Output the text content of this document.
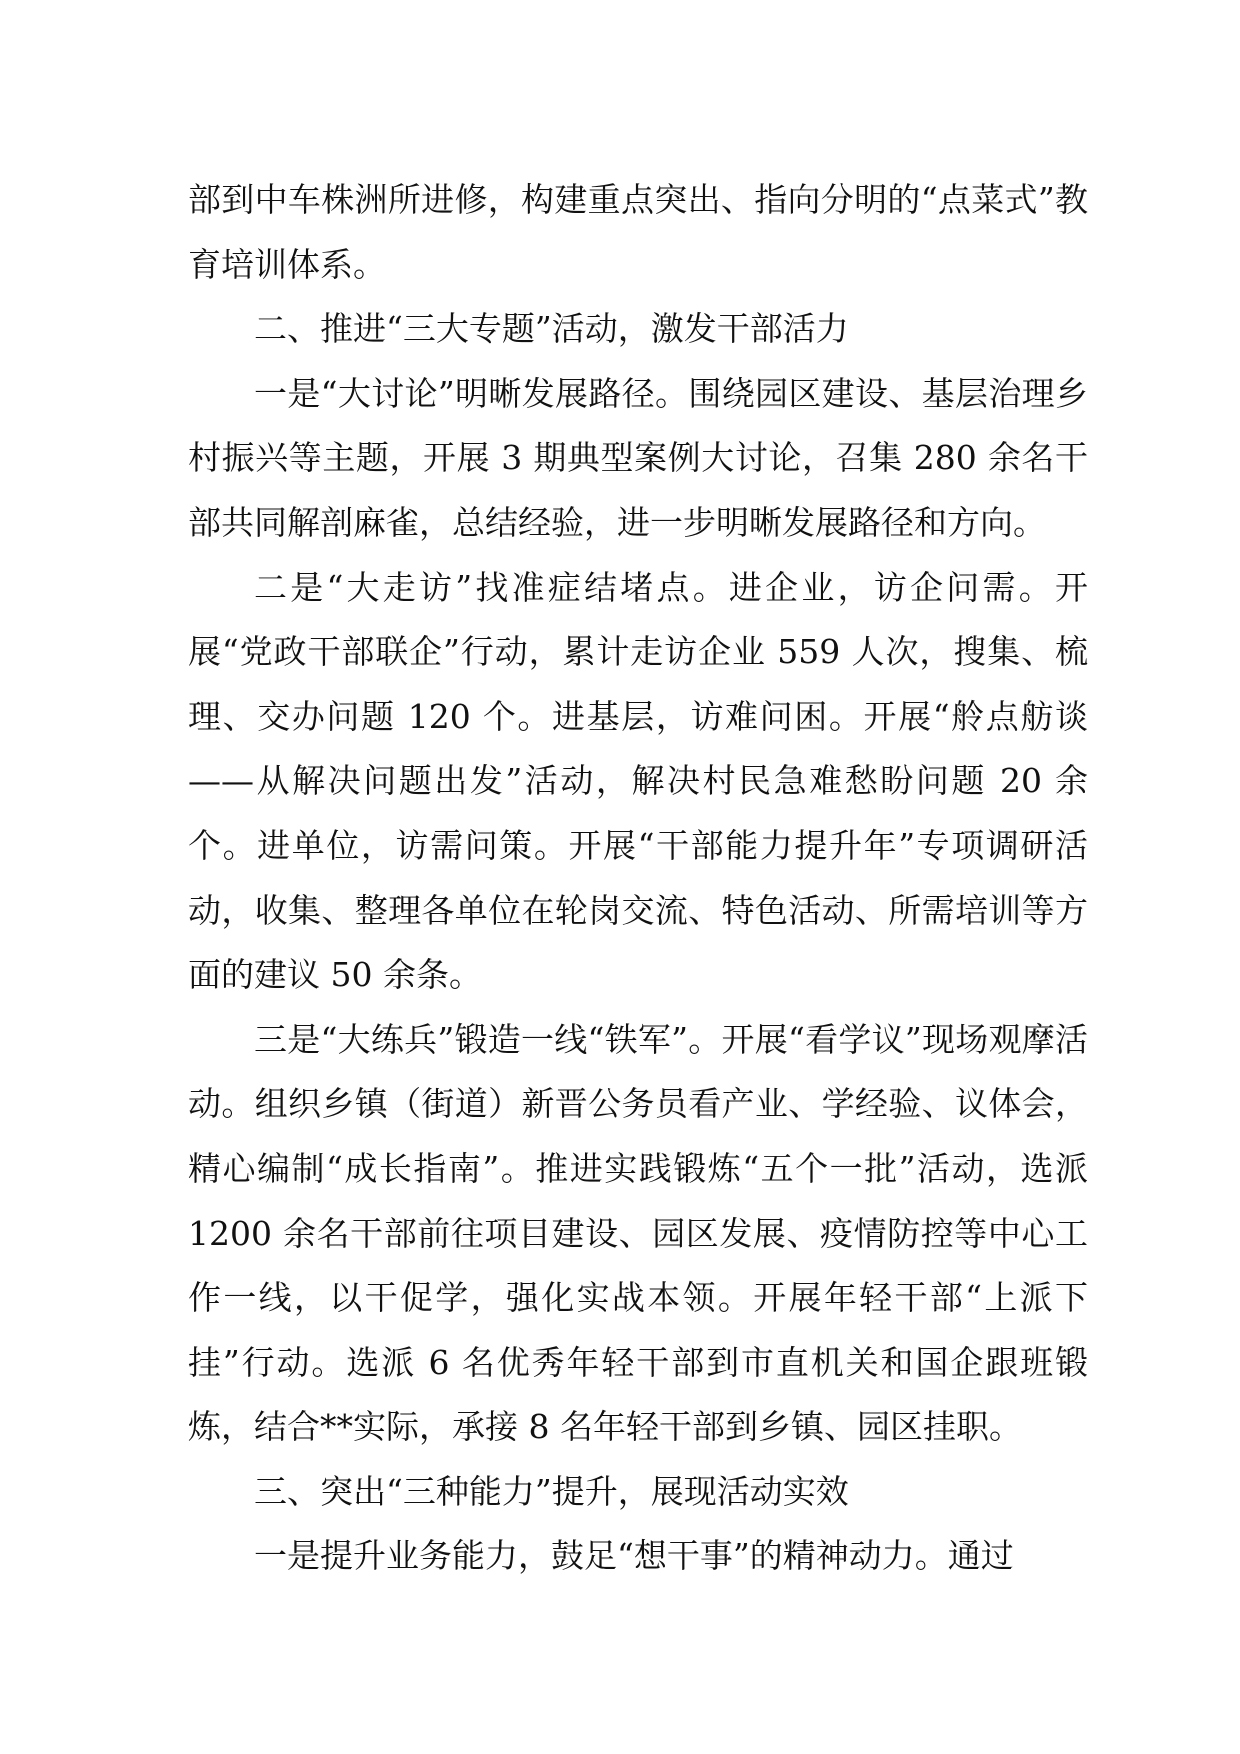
部到中车株洲所进修，构建重点突出、指向分明的“点菜式”教育培训体系。

二、推进“三大专题”活动，激发干部活力

一是“大讨论”明晰发展路径。围绕园区建设、基层治理乡村振兴等主题，开展 3 期典型案例大讨论，召集 280 余名干部共同解剖麻雀，总结经验，进一步明晰发展路径和方向。

二是“大走访”找准症结堵点。进企业，访企问需。开展“党政干部联企”行动，累计走访企业 559 人次，搜集、梳理、交办问题 120 个。进基层，访难问困。开展“舲点舫谈——从解决问题出发”活动，解决村民急难愁盼问题 20 余个。进单位，访需问策。开展“干部能力提升年”专项调研活动，收集、整理各单位在轮岗交流、特色活动、所需培训等方面的建议 50 余条。

三是“大练兵”锻造一线“铁军”。开展“看学议”现场观摩活动。组织乡镇（街道）新晋公务员看产业、学经验、议体会，精心编制“成长指南”。推进实践锻炼“五个一批”活动，选派 1200 余名干部前往项目建设、园区发展、疫情防控等中心工作一线，以干促学，强化实战本领。开展年轻干部“上派下挂”行动。选派 6 名优秀年轻干部到市直机关和国企跟班锻炼，结合**实际，承接 8 名年轻干部到乡镇、园区挂职。

三、突出“三种能力”提升，展现活动实效

一是提升业务能力，鼓足“想干事”的精神动力。通过
